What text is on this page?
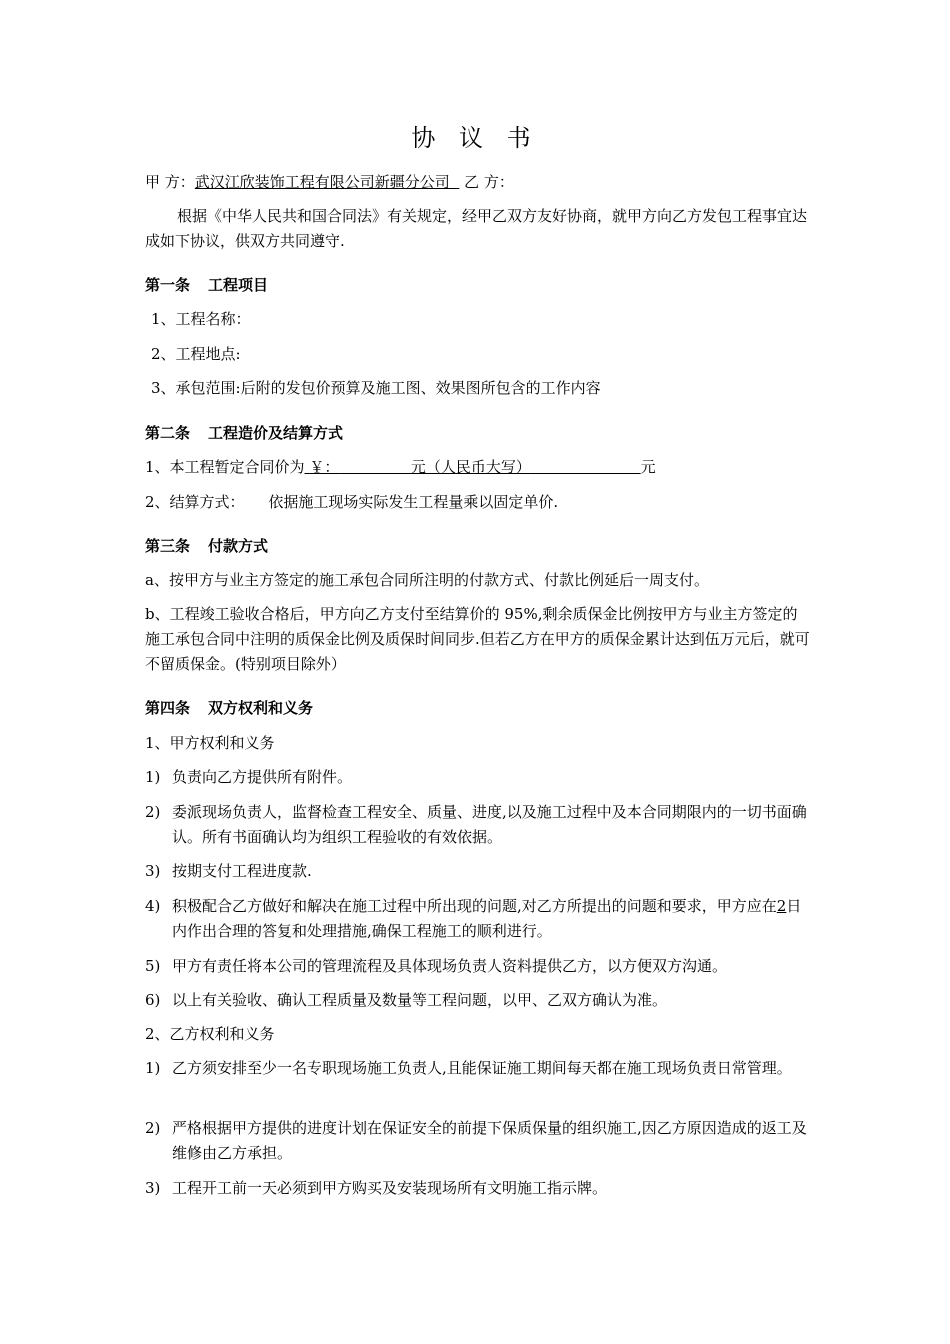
协 议 书
甲 方：武汉江欣装饰工程有限公司新疆分公司 乙 方：
根据《中华人民共和国合同法》有关规定，经甲乙双方友好协商，就甲方向乙方发包工程事宜达成如下协议，供双方共同遵守.
第一条 工程项目
1、工程名称：
2、工程地点:
3、承包范围:后附的发包价预算及施工图、效果图所包含的工作内容
第二条 工程造价及结算方式
1、本工程暂定合同价为 ￥：	元（人民币大写）	元
2、结算方式：     依据施工现场实际发生工程量乘以固定单价.
第三条 付款方式
a、按甲方与业主方签定的施工承包合同所注明的付款方式、付款比例延后一周支付。
b、工程竣工验收合格后，甲方向乙方支付至结算价的 95%,剩余质保金比例按甲方与业主方签定的施工承包合同中注明的质保金比例及质保时间同步.但若乙方在甲方的质保金累计达到伍万元后，就可不留质保金。(特别项目除外）
第四条 双方权利和义务
1、甲方权利和义务
1) 负责向乙方提供所有附件。
2) 委派现场负责人，监督检查工程安全、质量、进度,以及施工过程中及本合同期限内的一切书面确认。所有书面确认均为组织工程验收的有效依据。
3) 按期支付工程进度款.
4) 积极配合乙方做好和解决在施工过程中所出现的问题,对乙方所提出的问题和要求，甲方应在2日内作出合理的答复和处理措施,确保工程施工的顺利进行。
5) 甲方有责任将本公司的管理流程及具体现场负责人资料提供乙方，以方便双方沟通。
6) 以上有关验收、确认工程质量及数量等工程问题，以甲、乙双方确认为准。
2、乙方权利和义务
1) 乙方须安排至少一名专职现场施工负责人,且能保证施工期间每天都在施工现场负责日常管理。
2) 严格根据甲方提供的进度计划在保证安全的前提下保质保量的组织施工,因乙方原因造成的返工及维修由乙方承担。
3) 工程开工前一天必须到甲方购买及安装现场所有文明施工指示牌。
